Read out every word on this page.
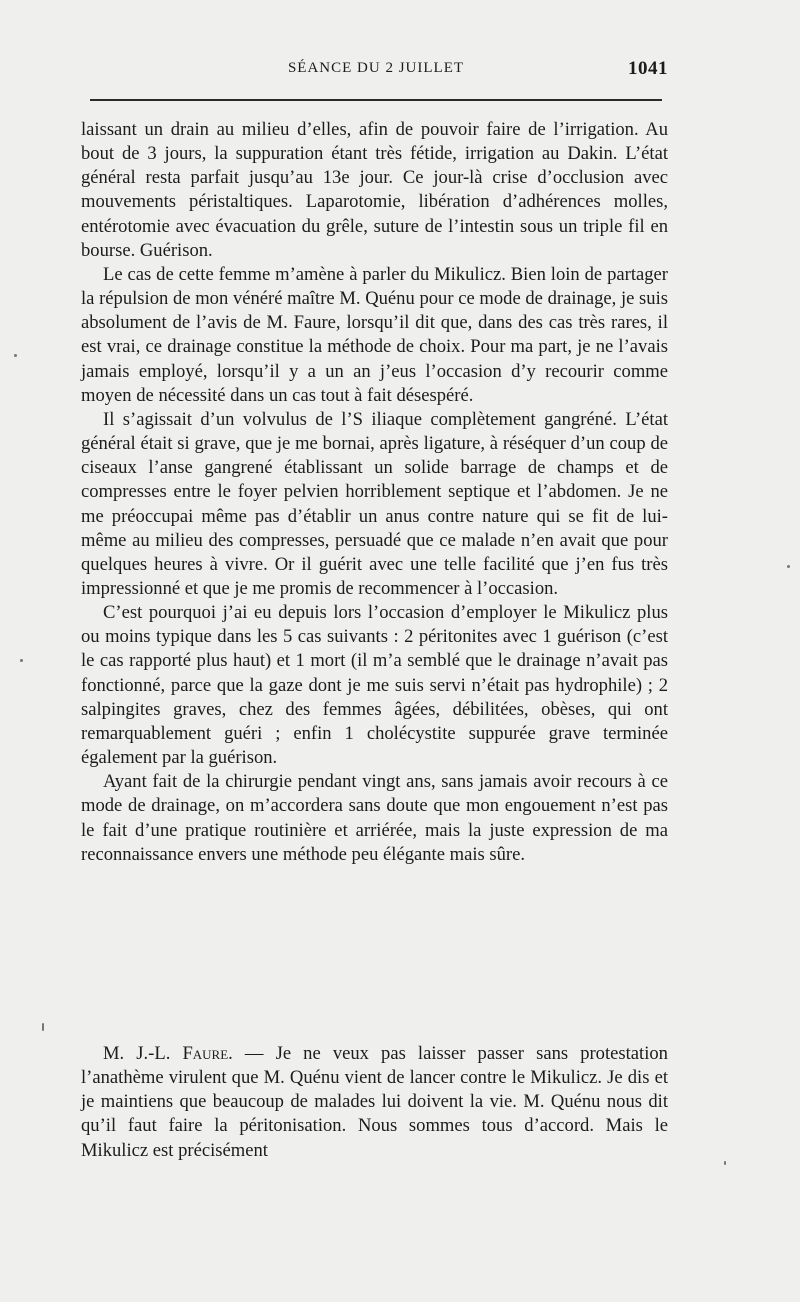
SÉANCE DU 2 JUILLET	1041

laissant un drain au milieu d’elles, afin de pouvoir faire de l’irrigation. Au bout de 3 jours, la suppuration étant très fétide, irrigation au Dakin. L’état général resta parfait jusqu’au 13e jour. Ce jour-là crise d’occlusion avec mouvements péristaltiques. Laparotomie, libération d’adhérences molles, entérotomie avec évacuation du grêle, suture de l’intestin sous un triple fil en bourse. Guérison.

Le cas de cette femme m’amène à parler du Mikulicz. Bien loin de partager la répulsion de mon vénéré maître M. Quénu pour ce mode de drainage, je suis absolument de l’avis de M. Faure, lorsqu’il dit que, dans des cas très rares, il est vrai, ce drainage constitue la méthode de choix. Pour ma part, je ne l’avais jamais employé, lorsqu’il y a un an j’eus l’occasion d’y recourir comme moyen de nécessité dans un cas tout à fait désespéré.

Il s’agissait d’un volvulus de l’S iliaque complètement gangréné. L’état général était si grave, que je me bornai, après ligature, à réséquer d’un coup de ciseaux l’anse gangrené établissant un solide barrage de champs et de compresses entre le foyer pelvien horriblement septique et l’abdomen. Je ne me préoccupai même pas d’établir un anus contre nature qui se fit de lui-même au milieu des compresses, persuadé que ce malade n’en avait que pour quelques heures à vivre. Or il guérit avec une telle facilité que j’en fus très impressionné et que je me promis de recommencer à l’occasion.

C’est pourquoi j’ai eu depuis lors l’occasion d’employer le Mikulicz plus ou moins typique dans les 5 cas suivants : 2 péritonites avec 1 guérison (c’est le cas rapporté plus haut) et 1 mort (il m’a semblé que le drainage n’avait pas fonctionné, parce que la gaze dont je me suis servi n’était pas hydrophile) ; 2 salpingites graves, chez des femmes âgées, débilitées, obèses, qui ont remarquablement guéri ; enfin 1 cholécystite suppurée grave terminée également par la guérison.

Ayant fait de la chirurgie pendant vingt ans, sans jamais avoir recours à ce mode de drainage, on m’accordera sans doute que mon engouement n’est pas le fait d’une pratique routinière et arriérée, mais la juste expression de ma reconnaissance envers une méthode peu élégante mais sûre.

M. J.-L. Faure. — Je ne veux pas laisser passer sans protestation l’anathème virulent que M. Quénu vient de lancer contre le Mikulicz. Je dis et je maintiens que beaucoup de malades lui doivent la vie. M. Quénu nous dit qu’il faut faire la péritonisation. Nous sommes tous d’accord. Mais le Mikulicz est précisément
